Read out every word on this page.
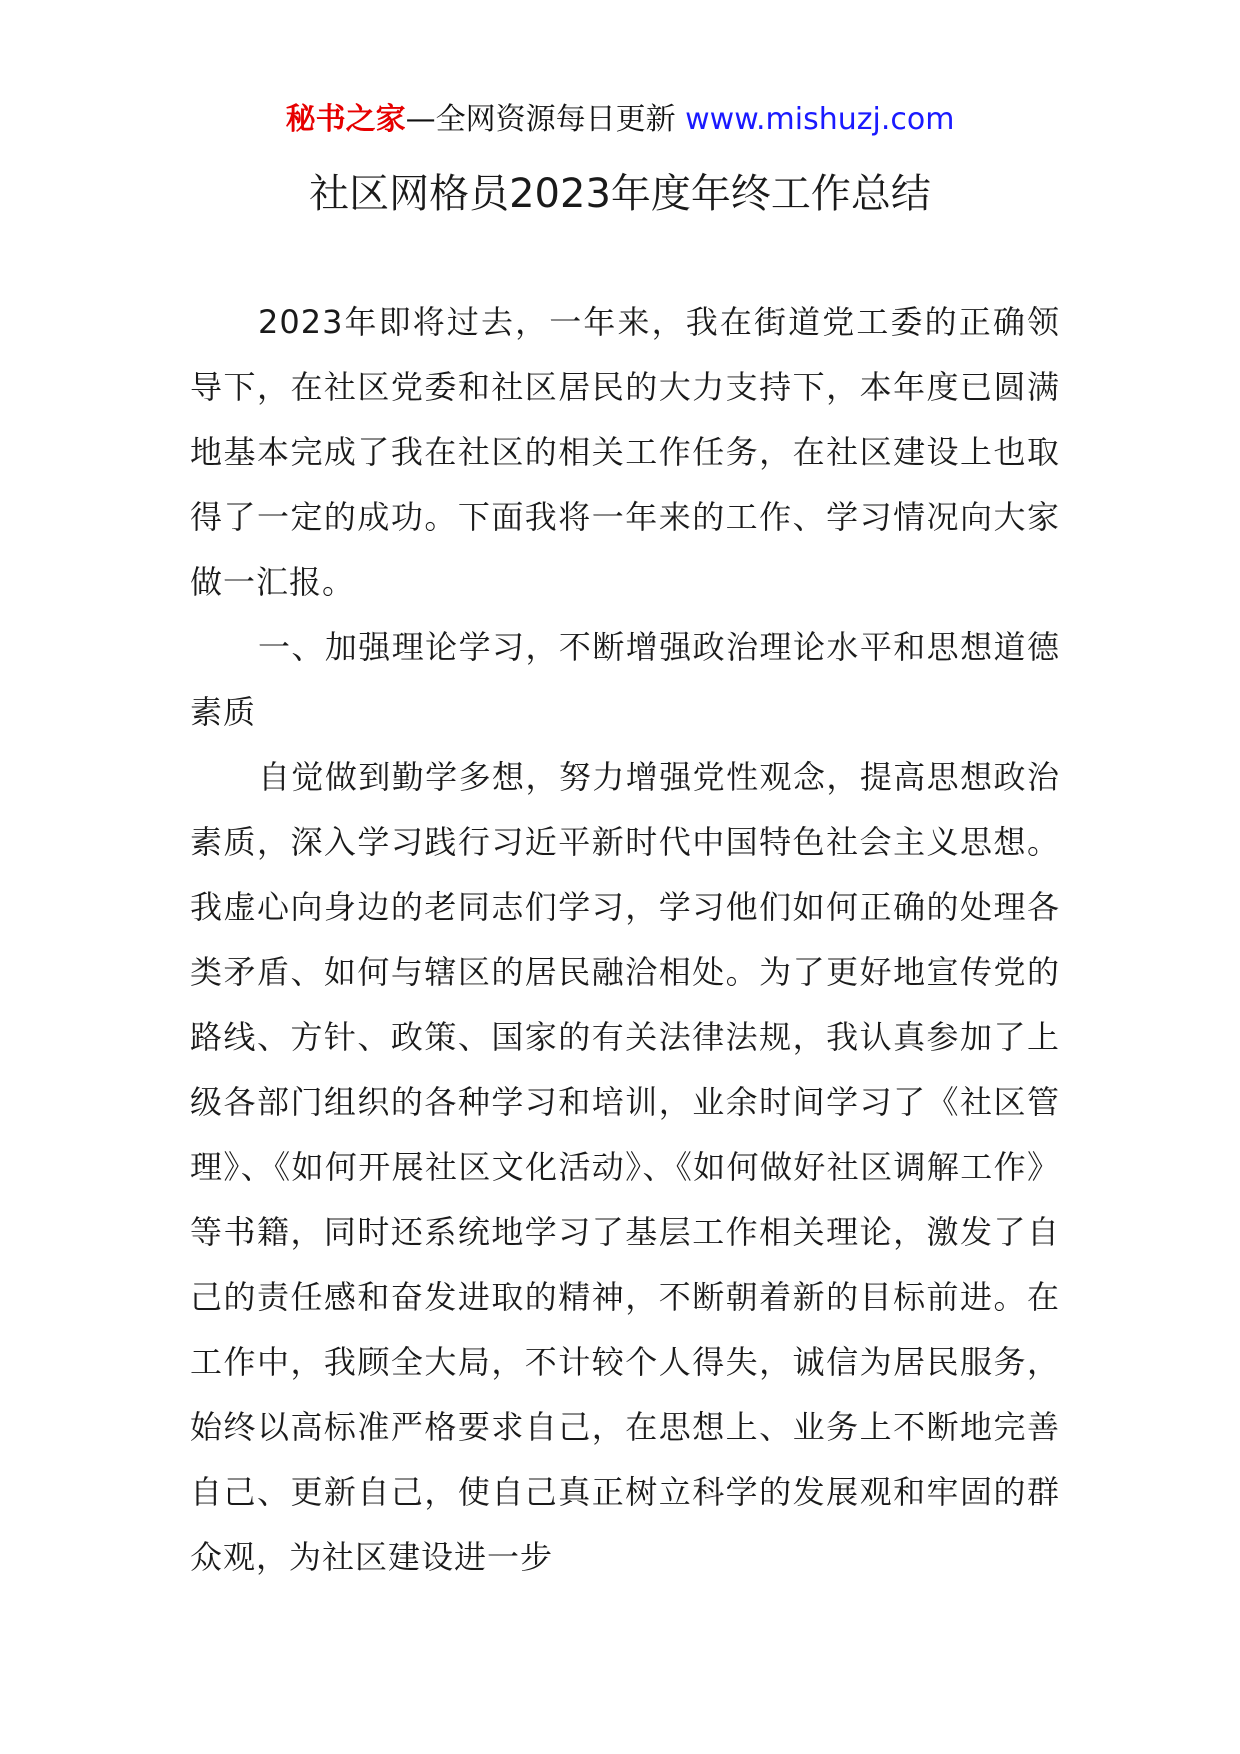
秘书之家—全网资源每日更新 www.mishuzj.com
社区网格员2023年度年终工作总结

2023年即将过去，一年来，我在街道党工委的正确领导下，在社区党委和社区居民的大力支持下，本年度已圆满地基本完成了我在社区的相关工作任务，在社区建设上也取得了一定的成功。下面我将一年来的工作、学习情况向大家做一汇报。

一、加强理论学习，不断增强政治理论水平和思想道德素质

自觉做到勤学多想，努力增强党性观念，提高思想政治素质，深入学习践行习近平新时代中国特色社会主义思想。我虚心向身边的老同志们学习，学习他们如何正确的处理各类矛盾、如何与辖区的居民融洽相处。为了更好地宣传党的路线、方针、政策、国家的有关法律法规，我认真参加了上级各部门组织的各种学习和培训，业余时间学习了《社区管理》、《如何开展社区文化活动》、《如何做好社区调解工作》等书籍，同时还系统地学习了基层工作相关理论，激发了自己的责任感和奋发进取的精神，不断朝着新的目标前进。在工作中，我顾全大局，不计较个人得失，诚信为居民服务，始终以高标准严格要求自己，在思想上、业务上不断地完善自己、更新自己，使自己真正树立科学的发展观和牢固的群众观，为社区建设进一步
